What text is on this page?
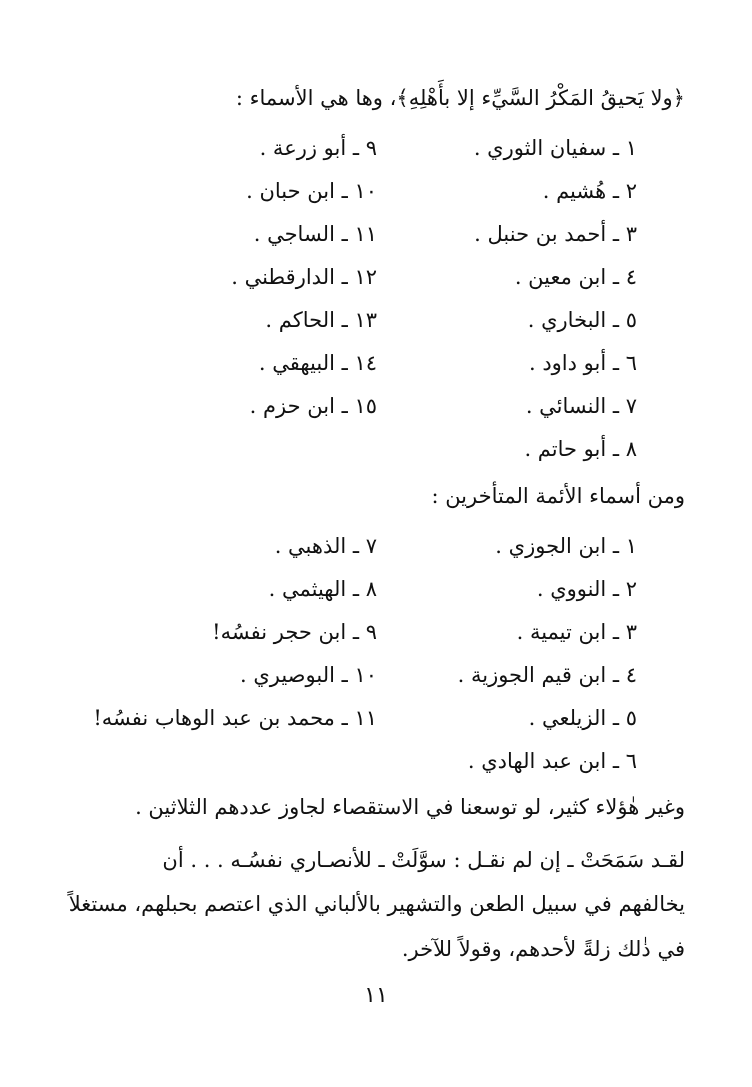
﴿ولا يَحيقُ المَكْرُ السَّيِّء إلا بأَهْلِهِ﴾، وها هي الأسماء :
١ ـ سفيان الثوري .
٩ ـ أبو زرعة .
٢ ـ هُشيم .
١٠ ـ ابن حبان .
٣ ـ أحمد بن حنبل .
١١ ـ الساجي .
٤ ـ ابن معين .
١٢ ـ الدارقطني .
٥ ـ البخاري .
١٣ ـ الحاكم .
٦ ـ أبو داود .
١٤ ـ البيهقي .
٧ ـ النسائي .
١٥ ـ ابن حزم .
٨ ـ أبو حاتم .
ومن أسماء الأئمة المتأخرين :
١ ـ ابن الجوزي .
٧ ـ الذهبي .
٢ ـ النووي .
٨ ـ الهيثمي .
٣ ـ ابن تيمية .
٩ ـ ابن حجر نفسُه!
٤ ـ ابن قيم الجوزية .
١٠ ـ البوصيري .
٥ ـ الزيلعي .
١١ ـ محمد بن عبد الوهاب نفسُه!
٦ ـ ابن عبد الهادي .
وغير هٰؤلاء كثير، لو توسعنا في الاستقصاء لجاوز عددهم الثلاثين .
لقـد سَمَحَتْ ـ إن لم نقـل : سوَّلَتْ ـ للأنصـاري نفسُـه . . . أن
يخالفهم في سبيل الطعن والتشهير بالألباني الذي اعتصم بحبلهم، مستغلاً
في ذٰلك زلةً لأحدهم، وقولاً للآخر.
١١
